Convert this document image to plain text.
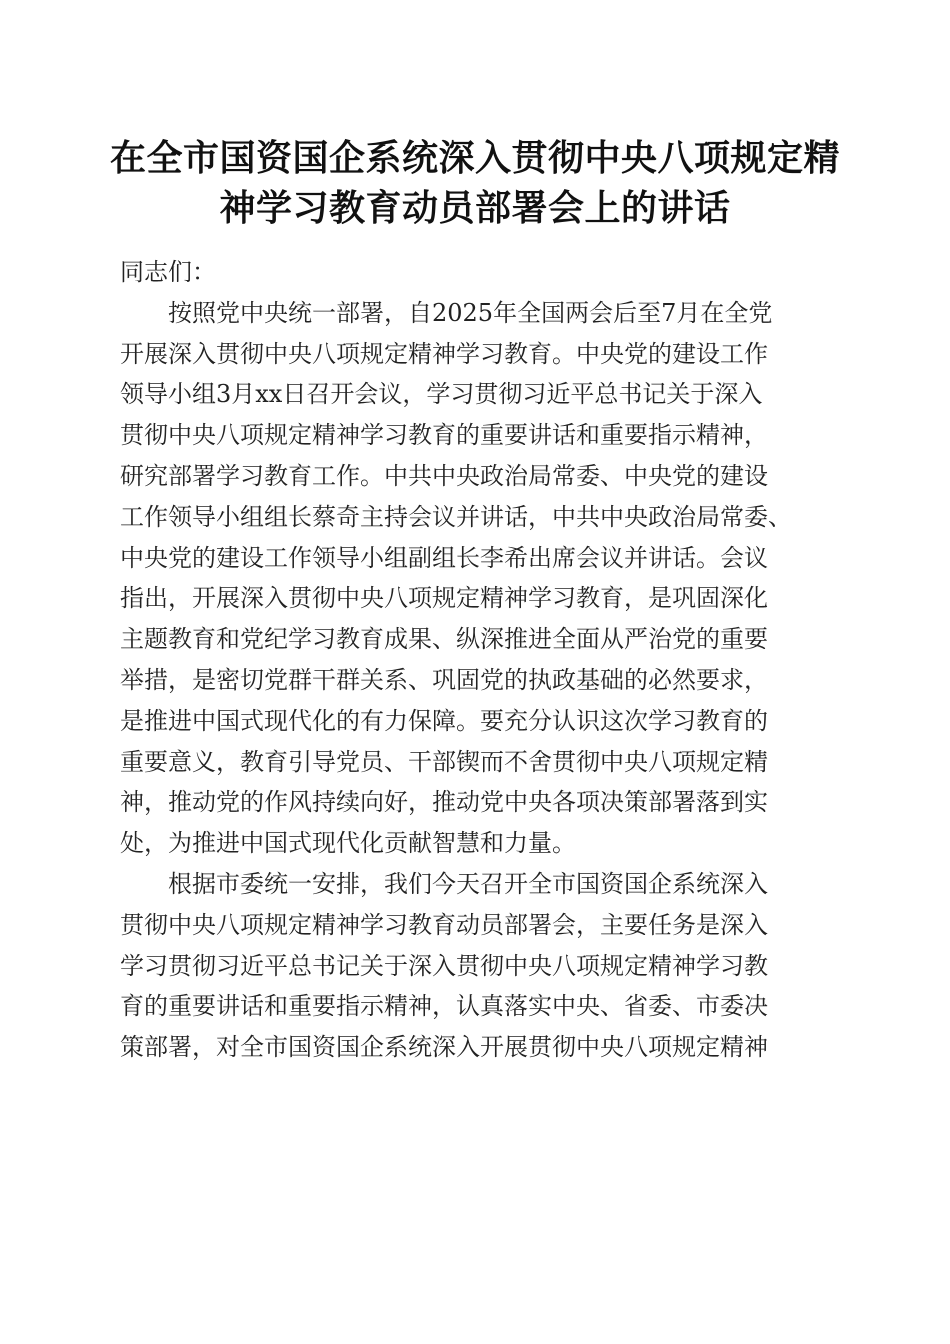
在全市国资国企系统深入贯彻中央八项规定精
神学习教育动员部署会上的讲话
同志们：
按照党中央统一部署，自2025年全国两会后至7月在全党
开展深入贯彻中央八项规定精神学习教育。中央党的建设工作
领导小组3月xx日召开会议，学习贯彻习近平总书记关于深入
贯彻中央八项规定精神学习教育的重要讲话和重要指示精神，
研究部署学习教育工作。中共中央政治局常委、中央党的建设
工作领导小组组长蔡奇主持会议并讲话，中共中央政治局常委、
中央党的建设工作领导小组副组长李希出席会议并讲话。会议
指出，开展深入贯彻中央八项规定精神学习教育，是巩固深化
主题教育和党纪学习教育成果、纵深推进全面从严治党的重要
举措，是密切党群干群关系、巩固党的执政基础的必然要求，
是推进中国式现代化的有力保障。要充分认识这次学习教育的
重要意义，教育引导党员、干部锲而不舍贯彻中央八项规定精
神，推动党的作风持续向好，推动党中央各项决策部署落到实
处，为推进中国式现代化贡献智慧和力量。
根据市委统一安排，我们今天召开全市国资国企系统深入
贯彻中央八项规定精神学习教育动员部署会，主要任务是深入
学习贯彻习近平总书记关于深入贯彻中央八项规定精神学习教
育的重要讲话和重要指示精神，认真落实中央、省委、市委决
策部署，对全市国资国企系统深入开展贯彻中央八项规定精神
